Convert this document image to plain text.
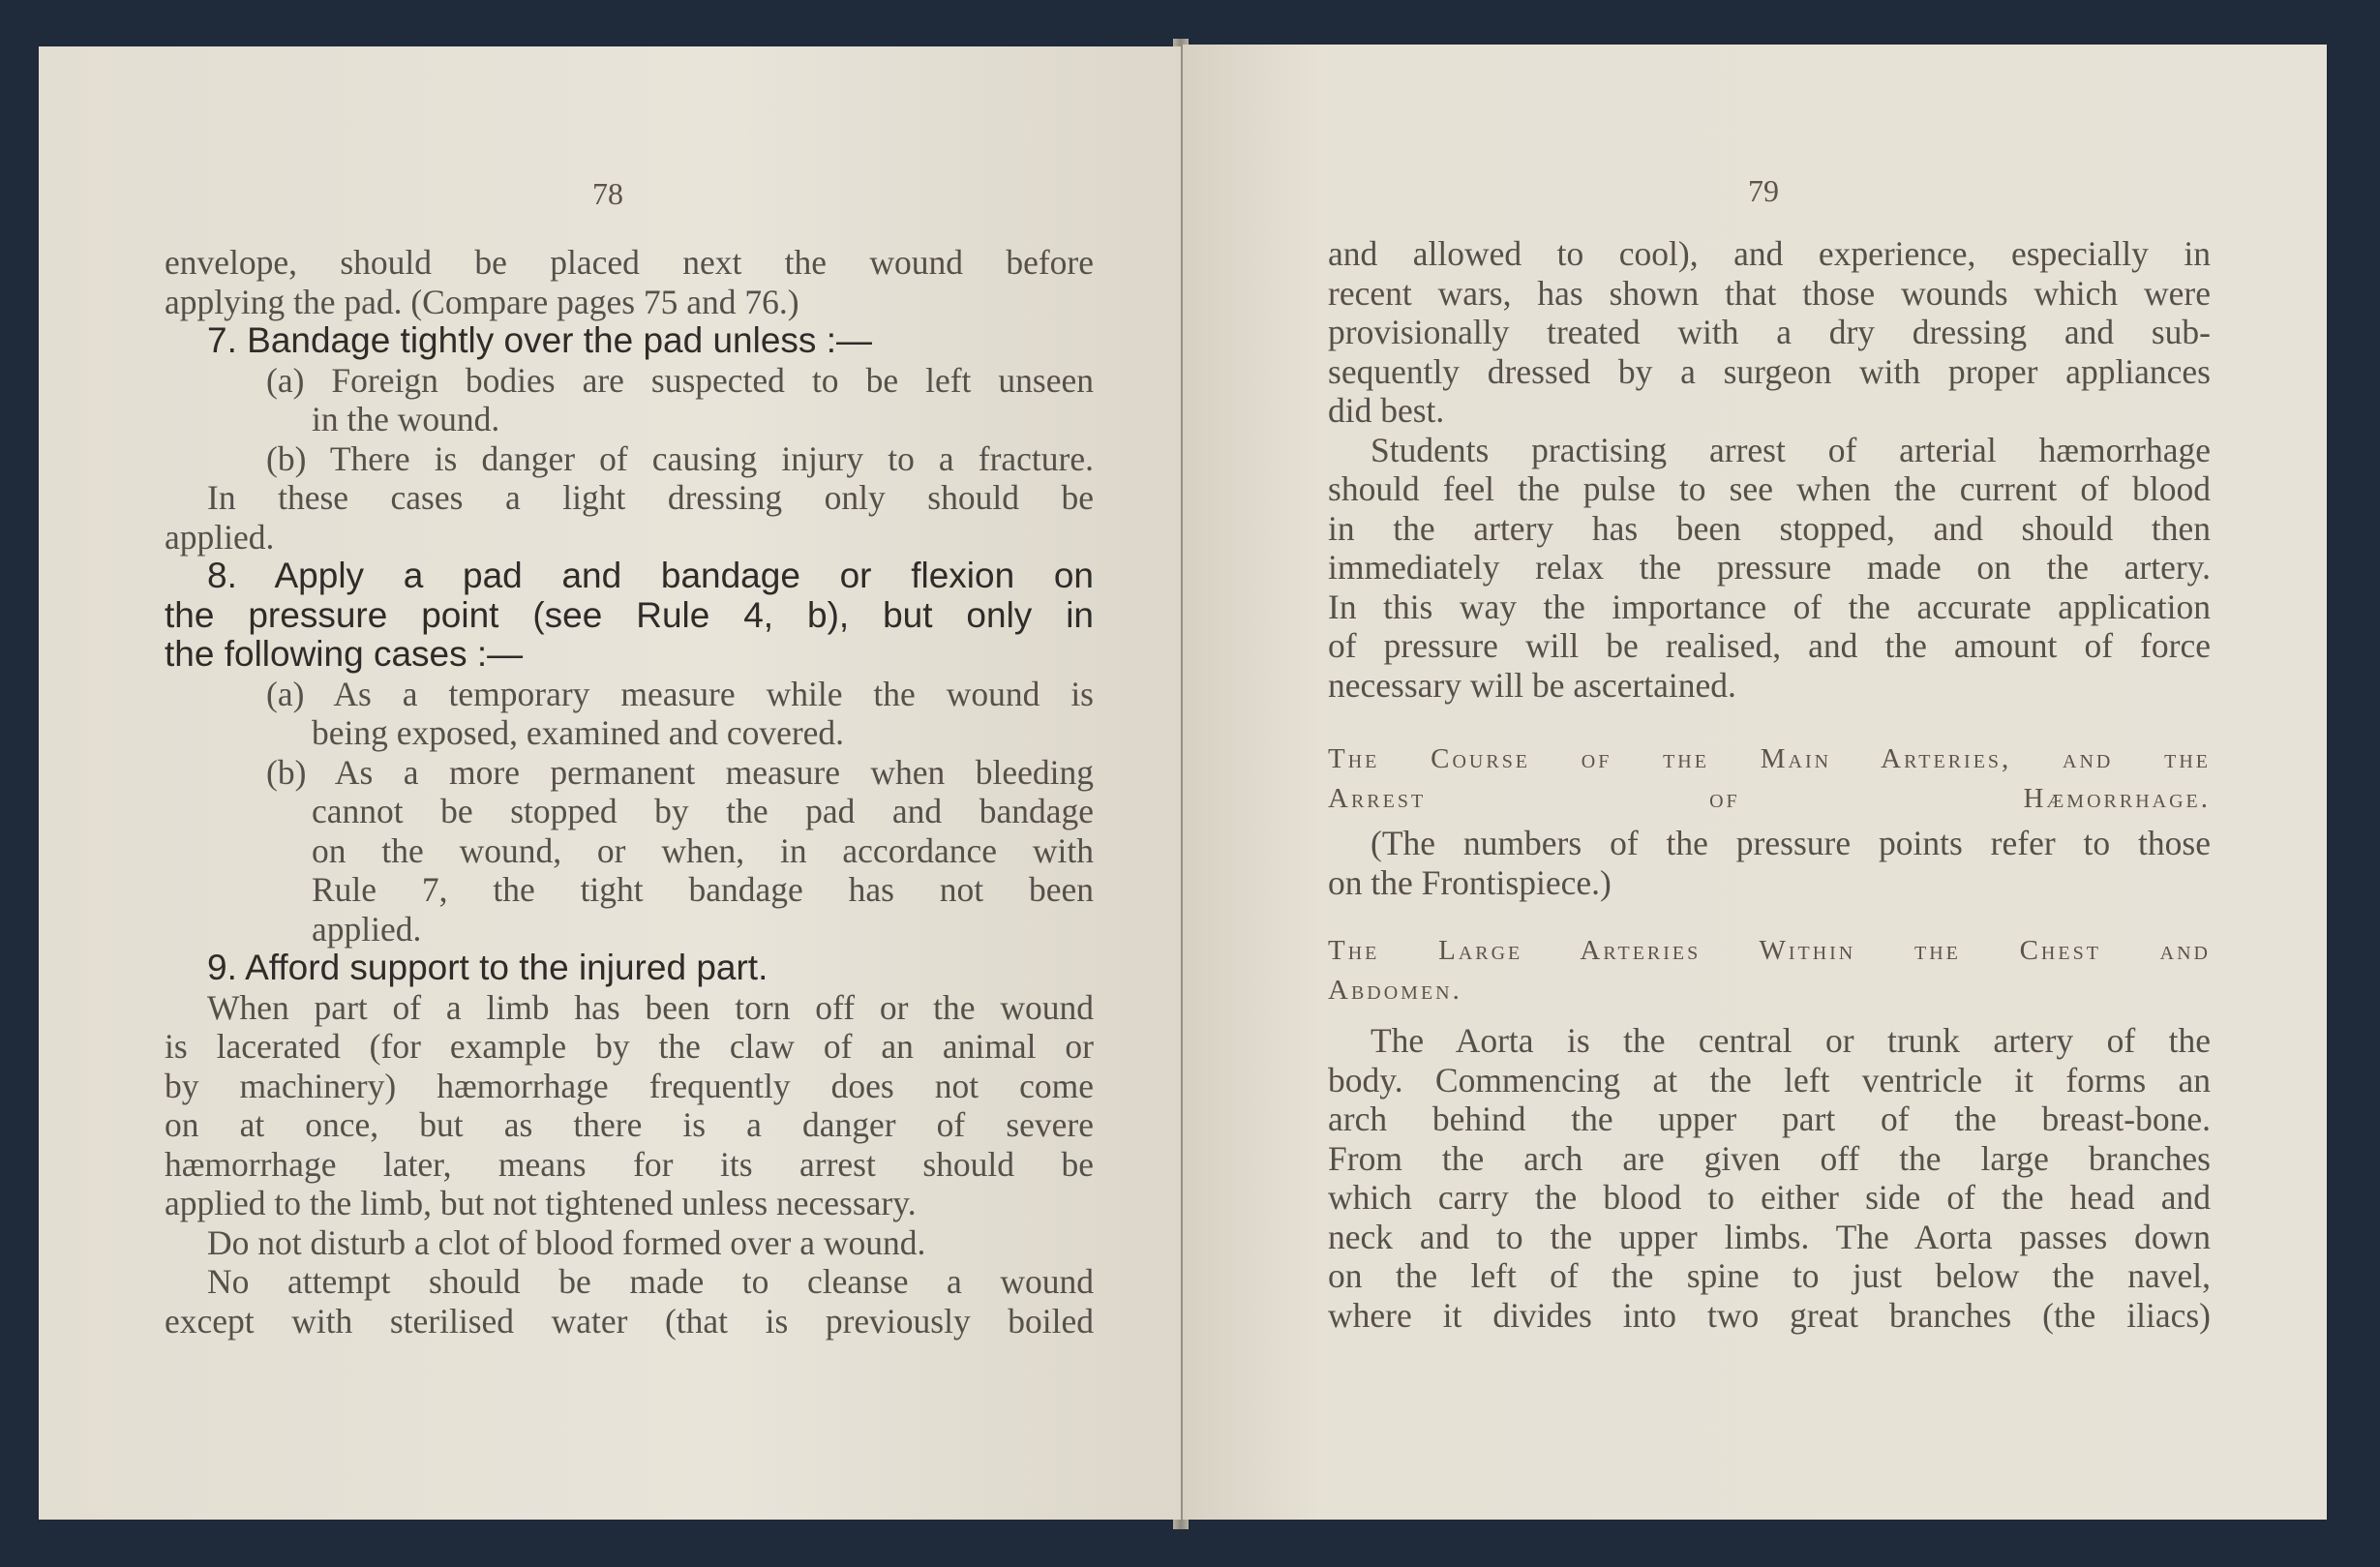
78

envelope, should be placed next the wound before

applying the pad. (Compare pages 75 and 76.)

7. Bandage tightly over the pad unless :—

(a) Foreign bodies are suspected to be left unseen

in the wound.

(b) There is danger of causing injury to a fracture.

In these cases a light dressing only should be

applied.

8. Apply a pad and bandage or flexion on

the pressure point (see Rule 4, b), but only in

the following cases :—

(a) As a temporary measure while the wound is

being exposed, examined and covered.

(b) As a more permanent measure when bleeding

cannot be stopped by the pad and bandage

on the wound, or when, in accordance with

Rule 7, the tight bandage has not been

applied.

9. Afford support to the injured part.

When part of a limb has been torn off or the wound

is lacerated (for example by the claw of an animal or

by machinery) hæmorrhage frequently does not come

on at once, but as there is a danger of severe

hæmorrhage later, means for its arrest should be

applied to the limb, but not tightened unless necessary.

Do not disturb a clot of blood formed over a wound.

No attempt should be made to cleanse a wound

except with sterilised water (that is previously boiled

79

and allowed to cool), and experience, especially in

recent wars, has shown that those wounds which were

provisionally treated with a dry dressing and sub-

sequently dressed by a surgeon with proper appliances

did best.

Students practising arrest of arterial hæmorrhage

should feel the pulse to see when the current of blood

in the artery has been stopped, and should then

immediately relax the pressure made on the artery.

In this way the importance of the accurate application

of pressure will be realised, and the amount of force

necessary will be ascertained.

The Course of the Main Arteries, and the

Arrest of Hæmorrhage.

(The numbers of the pressure points refer to those

on the Frontispiece.)

The Large Arteries Within the Chest and

Abdomen.

The Aorta is the central or trunk artery of the

body. Commencing at the left ventricle it forms an

arch behind the upper part of the breast-bone.

From the arch are given off the large branches

which carry the blood to either side of the head and

neck and to the upper limbs. The Aorta passes down

on the left of the spine to just below the navel,

where it divides into two great branches (the iliacs)
